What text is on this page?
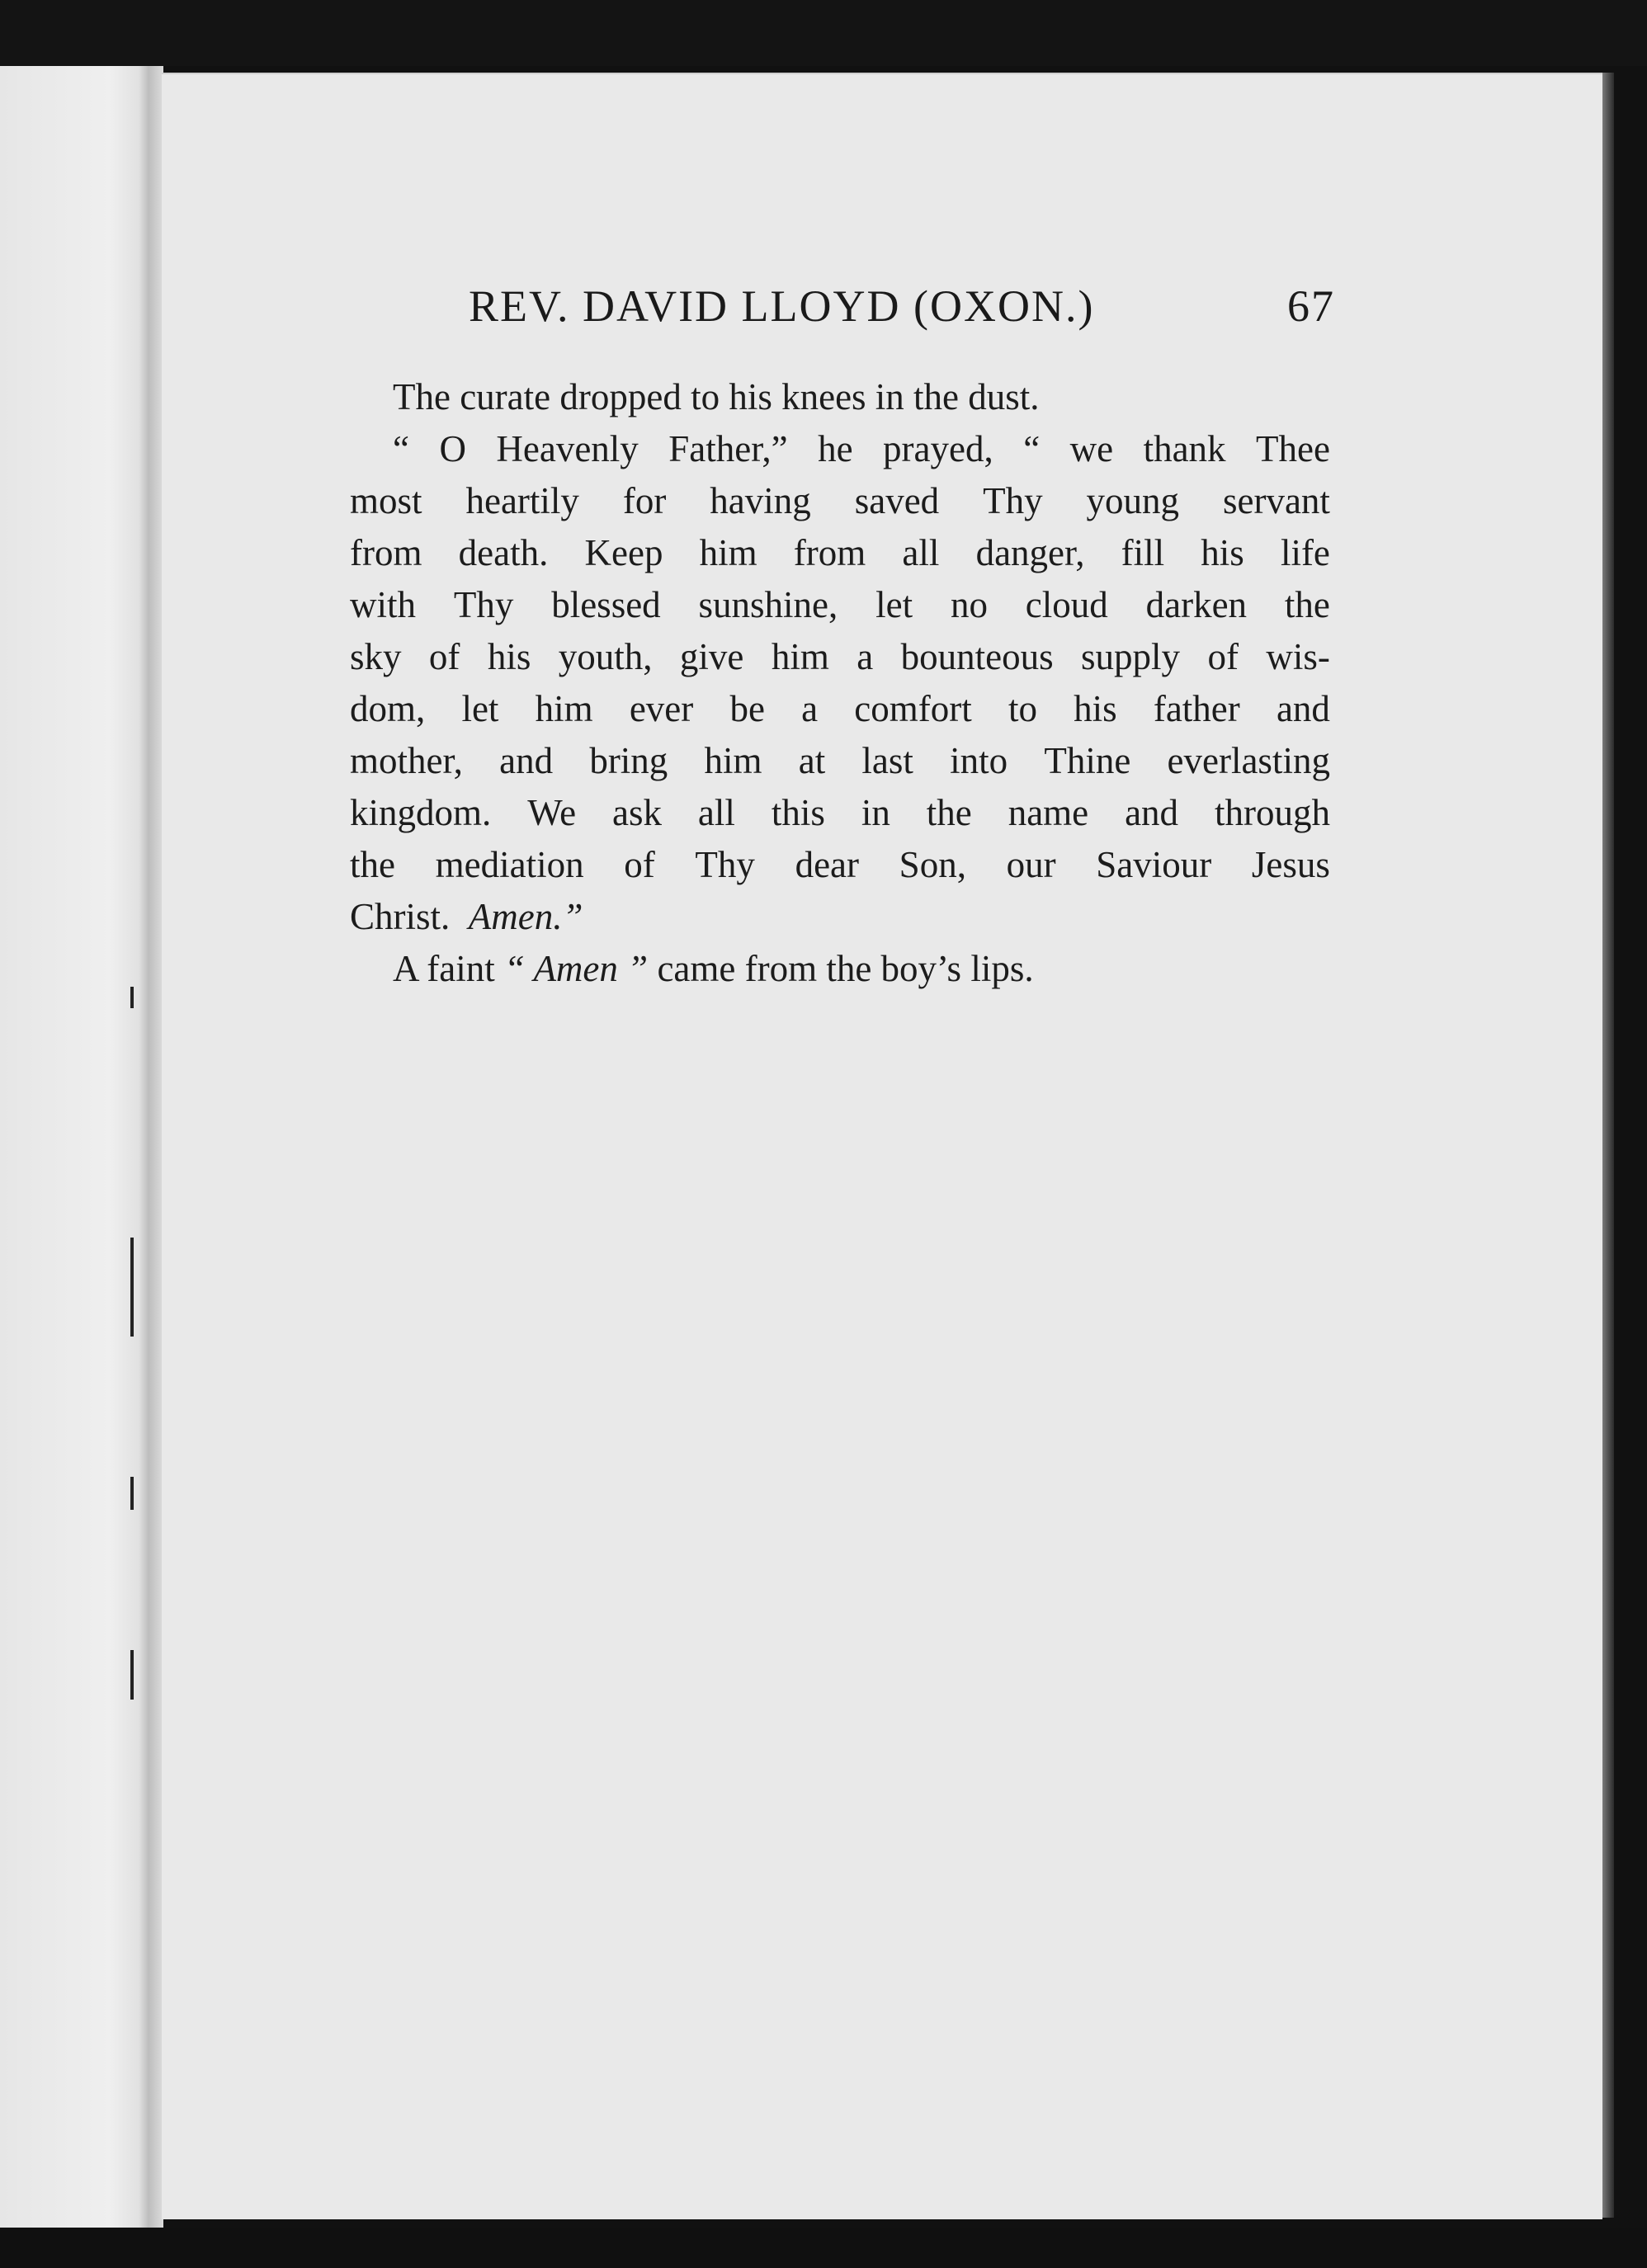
REV. DAVID LLOYD (OXON.)	67
The curate dropped to his knees in the dust.
“ O Heavenly Father,” he prayed, “ we thank Thee
most heartily for having saved Thy young servant
from death. Keep him from all danger, fill his life
with Thy blessed sunshine, let no cloud darken the
sky of his youth, give him a bounteous supply of wis-
dom, let him ever be a comfort to his father and
mother, and bring him at last into Thine everlasting
kingdom. We ask all this in the name and through
the mediation of Thy dear Son, our Saviour Jesus
Christ.
Amen.”
A faint
“ Amen ”
came from the boy’s lips.
